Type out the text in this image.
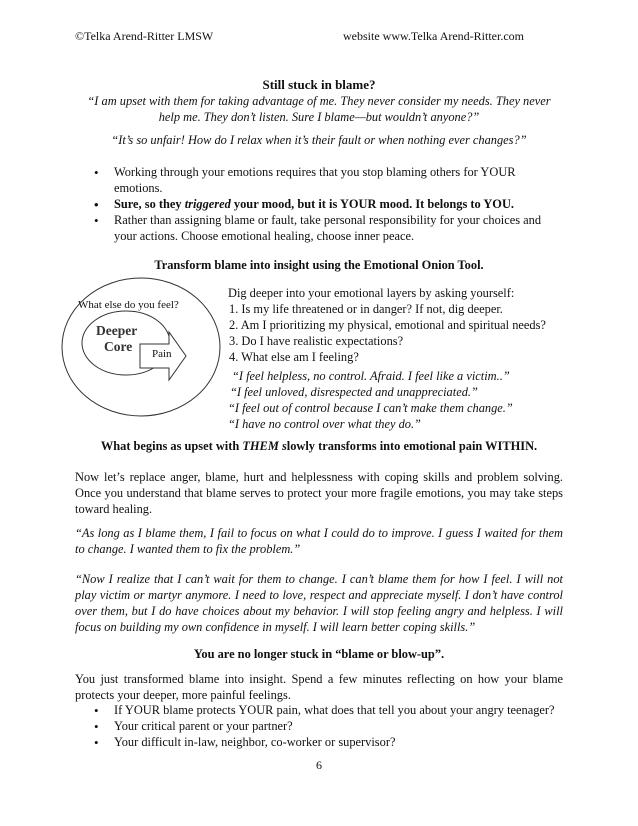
©Telka Arend-Ritter LMSW	website www.Telka Arend-Ritter.com
Still stuck in blame?
“I am upset with them for taking advantage of me. They never consider my needs. They never
help me. They don’t listen. Sure I blame—but wouldn’t anyone?”
“It’s so unfair! How do I relax when it’s their fault or when nothing ever changes?”
• Working through your emotions requires that you stop blaming others for YOUR
emotions.
• Sure, so they triggered your mood, but it is YOUR mood. It belongs to YOU.
• Rather than assigning blame or fault, take personal responsibility for your choices and
your actions. Choose emotional healing, choose inner peace.
Transform blame into insight using the Emotional Onion Tool.
What else do you feel?
Deeper
Core Pain
Dig deeper into your emotional layers by asking yourself:
1. Is my life threatened or in danger? If not, dig deeper.
2. Am I prioritizing my physical, emotional and spiritual needs?
3. Do I have realistic expectations?
4. What else am I feeling?
“I feel helpless, no control. Afraid. I feel like a victim..”
“I feel unloved, disrespected and unappreciated.”
“I feel out of control because I can’t make them change.”
“I have no control over what they do.”
What begins as upset with THEM slowly transforms into emotional pain WITHIN.
Now let’s replace anger, blame, hurt and helplessness with coping skills and problem solving. Once you understand that blame serves to protect your more fragile emotions, you may take steps toward healing.
“As long as I blame them, I fail to focus on what I could do to improve. I guess I waited for them to change. I wanted them to fix the problem.”
“Now I realize that I can’t wait for them to change. I can’t blame them for how I feel. I will not play victim or martyr anymore. I need to love, respect and appreciate myself. I don’t have control over them, but I do have choices about my behavior. I will stop feeling angry and helpless. I will focus on building my own confidence in myself. I will learn better coping skills.”
You are no longer stuck in “blame or blow-up”.
You just transformed blame into insight. Spend a few minutes reflecting on how your blame protects your deeper, more painful feelings.
• If YOUR blame protects YOUR pain, what does that tell you about your angry teenager?
• Your critical parent or your partner?
• Your difficult in-law, neighbor, co-worker or supervisor?
6
